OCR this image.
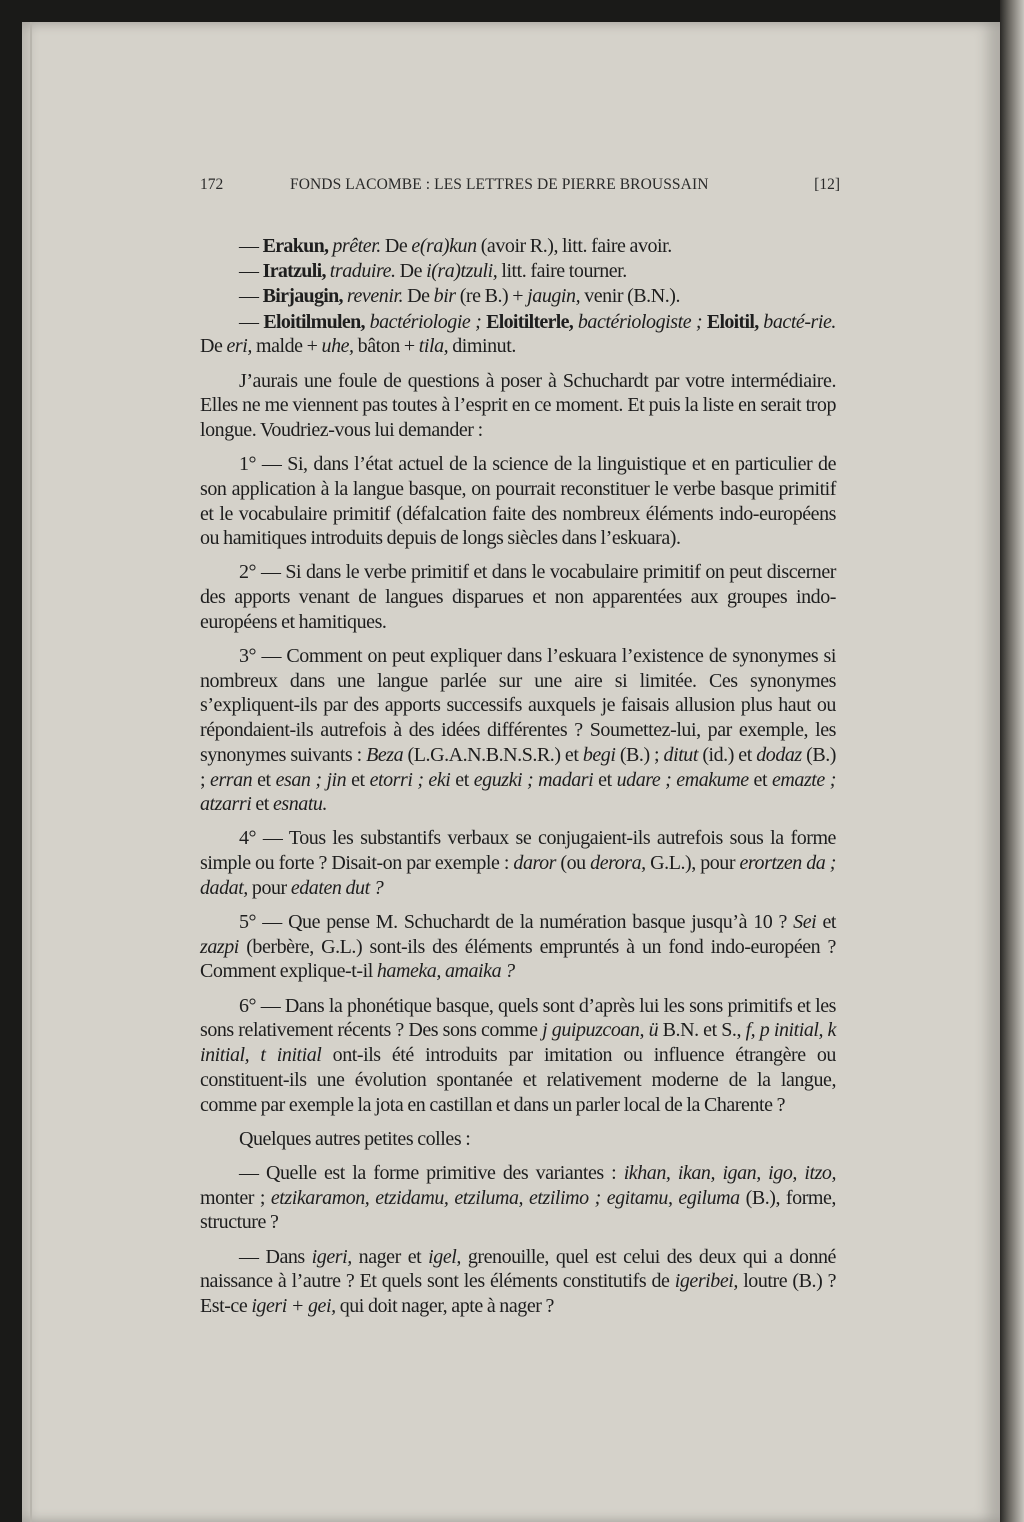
172	FONDS LACOMBE : LES LETTRES DE PIERRE BROUSSAIN	[12]

— Erakun, prêter. De e(ra)kun (avoir R.), litt. faire avoir.

— Iratzuli, traduire. De i(ra)tzuli, litt. faire tourner.

— Birjaugin, revenir. De bir (re B.) + jaugin, venir (B.N.).

— Eloitilmulen, bactériologie ; Eloitilterle, bactériologiste ; Eloitil, bacté-rie. De eri, malde + uhe, bâton + tila, diminut.

J’aurais une foule de questions à poser à Schuchardt par votre intermédiaire. Elles ne me viennent pas toutes à l’esprit en ce moment. Et puis la liste en serait trop longue. Voudriez-vous lui demander :

1° — Si, dans l’état actuel de la science de la linguistique et en particulier de son application à la langue basque, on pourrait reconstituer le verbe basque primitif et le vocabulaire primitif (défalcation faite des nombreux éléments indo-européens ou hamitiques introduits depuis de longs siècles dans l’eskuara).

2° — Si dans le verbe primitif et dans le vocabulaire primitif on peut discerner des apports venant de langues disparues et non apparentées aux groupes indo-européens et hamitiques.

3° — Comment on peut expliquer dans l’eskuara l’existence de synonymes si nombreux dans une langue parlée sur une aire si limitée. Ces synonymes s’expliquent-ils par des apports successifs auxquels je faisais allusion plus haut ou répondaient-ils autrefois à des idées différentes ? Soumettez-lui, par exemple, les synonymes suivants : Beza (L.G.A.N.B.N.S.R.) et begi (B.) ; ditut (id.) et dodaz (B.) ; erran et esan ; jin et etorri ; eki et eguzki ; madari et udare ; emakume et emazte ; atzarri et esnatu.

4° — Tous les substantifs verbaux se conjugaient-ils autrefois sous la forme simple ou forte ? Disait-on par exemple : daror (ou derora, G.L.), pour erortzen da ; dadat, pour edaten dut ?

5° — Que pense M. Schuchardt de la numération basque jusqu’à 10 ? Sei et zazpi (berbère, G.L.) sont-ils des éléments empruntés à un fond indo-européen ? Comment explique-t-il hameka, amaika ?

6° — Dans la phonétique basque, quels sont d’après lui les sons primitifs et les sons relativement récents ? Des sons comme j guipuzcoan, ü B.N. et S., f, p initial, k initial, t initial ont-ils été introduits par imitation ou influence étrangère ou constituent-ils une évolution spontanée et relativement moderne de la langue, comme par exemple la jota en castillan et dans un parler local de la Charente ?

Quelques autres petites colles :

— Quelle est la forme primitive des variantes : ikhan, ikan, igan, igo, itzo, monter ; etzikaramon, etzidamu, etziluma, etzilimo ; egitamu, egiluma (B.), forme, structure ?

— Dans igeri, nager et igel, grenouille, quel est celui des deux qui a donné naissance à l’autre ? Et quels sont les éléments constitutifs de igeribei, loutre (B.) ? Est-ce igeri + gei, qui doit nager, apte à nager ?
